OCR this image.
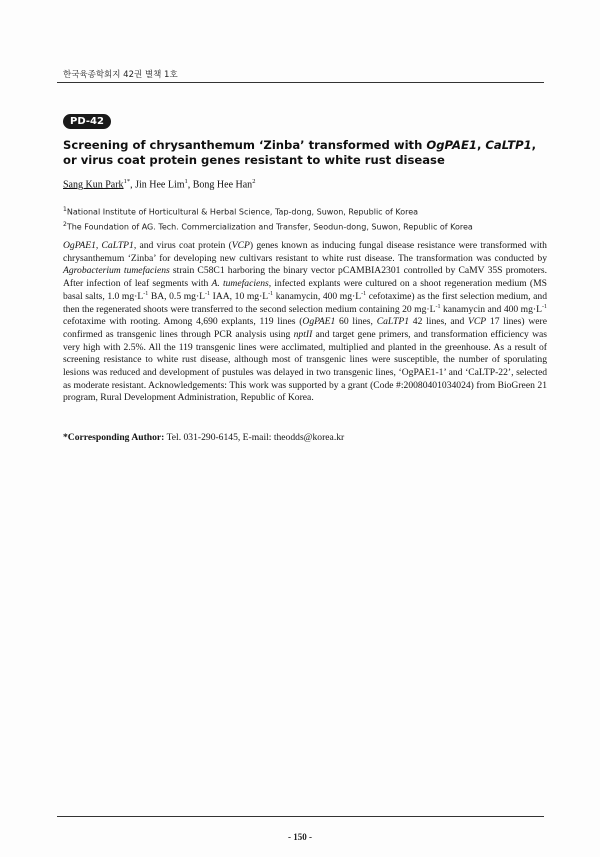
한국육종학회지 42권 별책 1호
PD-42
Screening of chrysanthemum ‘Zinba’ transformed with OgPAE1, CaLTP1, or virus coat protein genes resistant to white rust disease
Sang Kun Park$^{1*}$, Jin Hee Lim$^1$, Bong Hee Han$^2$
$^1$National Institute of Horticultural & Herbal Science, Tap-dong, Suwon, Republic of Korea
$^2$The Foundation of AG. Tech. Commercialization and Transfer, Seodun-dong, Suwon, Republic of Korea

OgPAE1, CaLTP1, and virus coat protein (VCP) genes known as inducing fungal disease resistance were transformed with chrysanthemum ‘Zinba’ for developing new cultivars resistant to white rust disease. The transformation was conducted by Agrobacterium tumefaciens strain C58C1 harboring the binary vector pCAMBIA2301 controlled by CaMV 35S promoters. After infection of leaf segments with A. tumefaciens, infected explants were cultured on a shoot regeneration medium (MS basal salts, 1.0 $mg\cdot L^{-1}$ BA, 0.5 $mg\cdot L^{-1}$ IAA, 10 $mg\cdot L^{-1}$ kanamycin, 400 $mg\cdot L^{-1}$ cefotaxime) as the first selection medium, and then the regenerated shoots were transferred to the second selection medium containing 20 $mg\cdot L^{-1}$ kanamycin and 400 $mg\cdot L^{-1}$ cefotaxime with rooting. Among 4,690 explants, 119 lines (OgPAE1 60 lines, CaLTP1 42 lines, and VCP 17 lines) were confirmed as transgenic lines through PCR analysis using nptII and target gene primers, and transformation efficiency was very high with 2.5%. All the 119 transgenic lines were acclimated, multiplied and planted in the greenhouse. As a result of screening resistance to white rust disease, although most of transgenic lines were susceptible, the number of sporulating lesions was reduced and development of pustules was delayed in two transgenic lines, ‘OgPAE1-1’ and ‘CaLTP-22’, selected as moderate resistant. Acknowledgements: This work was supported by a grant (Code #:20080401034024) from BioGreen 21 program, Rural Development Administration, Republic of Korea.

*Corresponding Author: Tel. 031-290-6145, E-mail: theodds@korea.kr
- 150 -
